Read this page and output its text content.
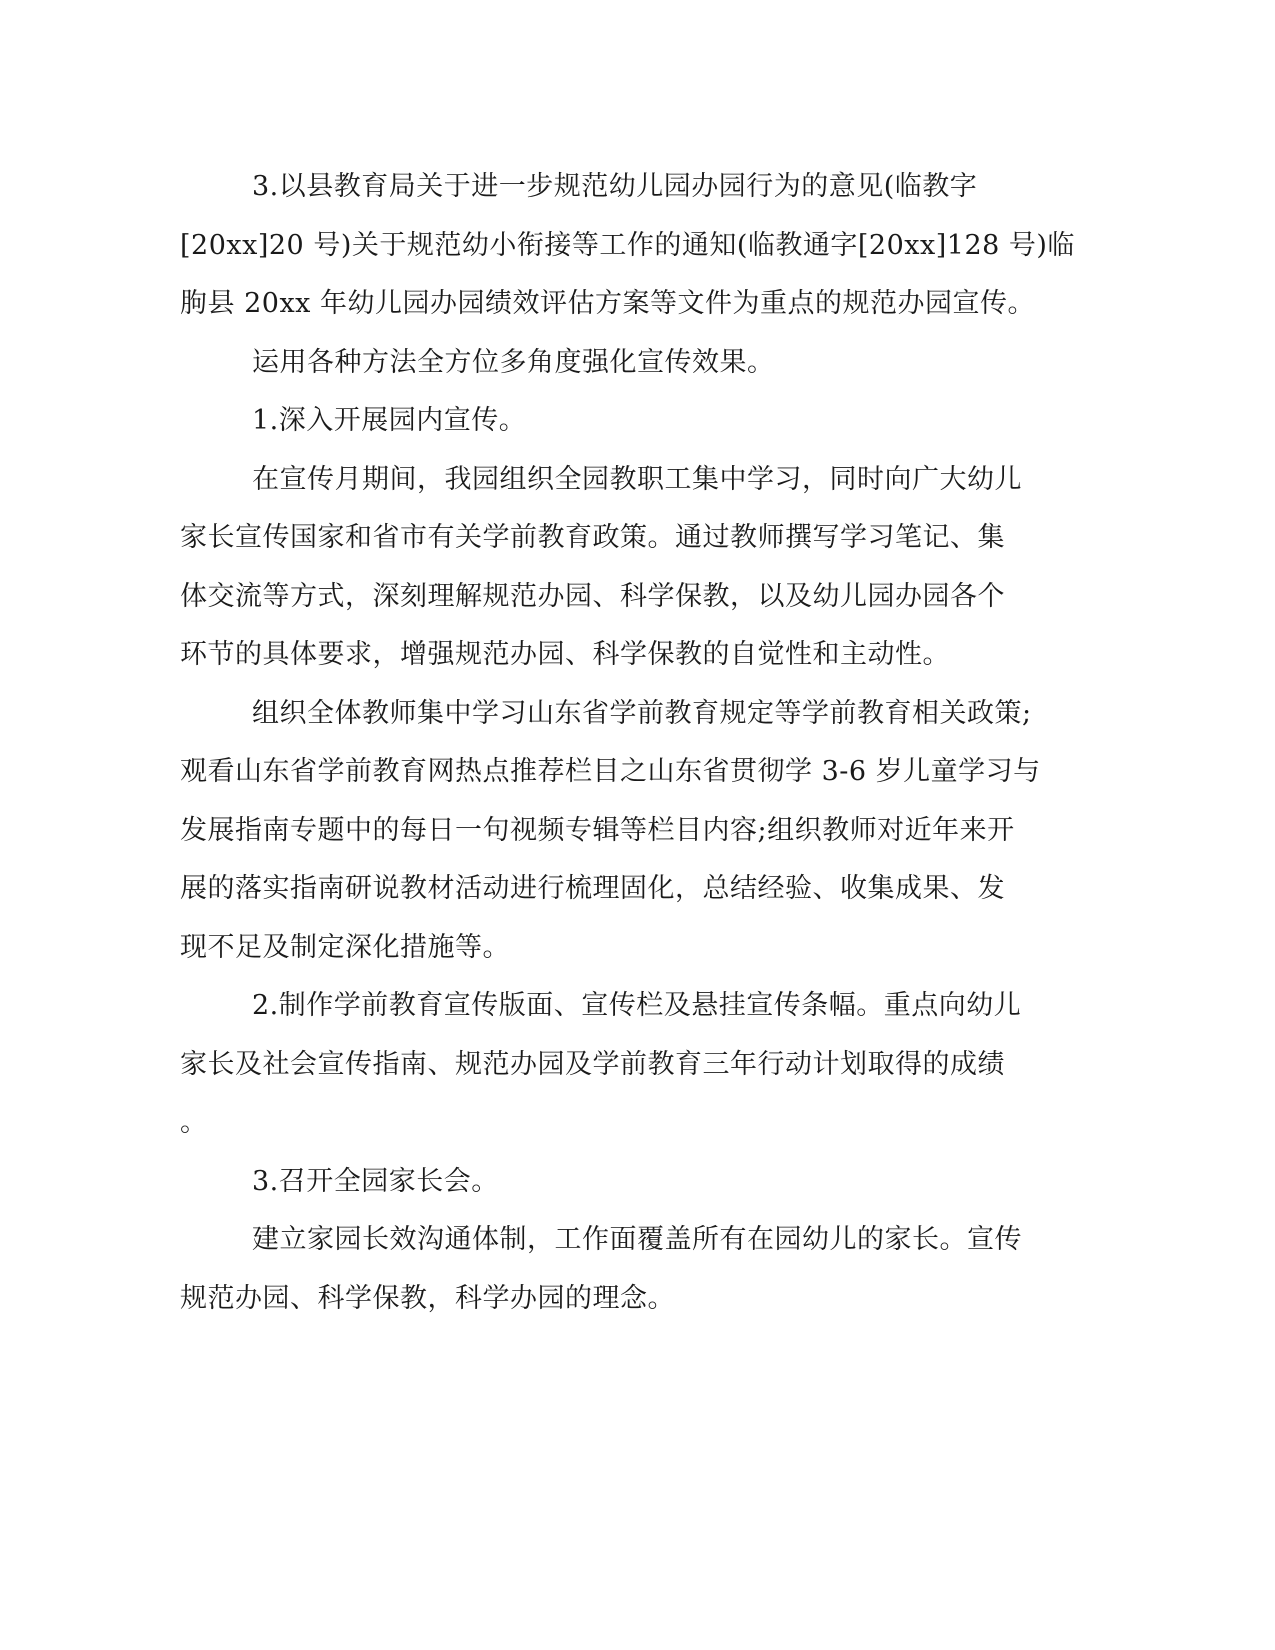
3.以县教育局关于进一步规范幼儿园办园行为的意见(临教字
[20xx]20 号)关于规范幼小衔接等工作的通知(临教通字[20xx]128 号)临
朐县 20xx 年幼儿园办园绩效评估方案等文件为重点的规范办园宣传。
运用各种方法全方位多角度强化宣传效果。
1.深入开展园内宣传。
在宣传月期间，我园组织全园教职工集中学习，同时向广大幼儿
家长宣传国家和省市有关学前教育政策。通过教师撰写学习笔记、集
体交流等方式，深刻理解规范办园、科学保教，以及幼儿园办园各个
环节的具体要求，增强规范办园、科学保教的自觉性和主动性。
组织全体教师集中学习山东省学前教育规定等学前教育相关政策;
观看山东省学前教育网热点推荐栏目之山东省贯彻学 3-6 岁儿童学习与
发展指南专题中的每日一句视频专辑等栏目内容;组织教师对近年来开
展的落实指南研说教材活动进行梳理固化，总结经验、收集成果、发
现不足及制定深化措施等。
2.制作学前教育宣传版面、宣传栏及悬挂宣传条幅。重点向幼儿
家长及社会宣传指南、规范办园及学前教育三年行动计划取得的成绩
。
3.召开全园家长会。
建立家园长效沟通体制，工作面覆盖所有在园幼儿的家长。宣传
规范办园、科学保教，科学办园的理念。
